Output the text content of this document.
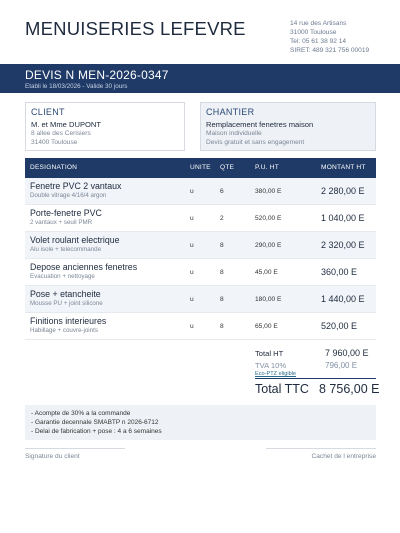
MENUISERIES LEFEVRE	14 rue des Artisans
31000 Toulouse
Tel: 05 61 38 92 14
SIRET: 489 321 756 00019
DEVIS N MEN-2026-0347
Etabli le 18/03/2026 - Valide 30 jours
CLIENT
M. et Mme DUPONT
8 allee des Cerisiers
31400 Toulouse
CHANTIER
Remplacement fenetres maison
Maison individuelle
Devis gratuit et sans engagement
DESIGNATION	UNITE QTE	P.U. HT	MONTANT HT
Fenetre PVC 2 vantaux
Double vitrage 4/16/4 argon
u	6	380,00 E	2 280,00 E
Porte-fenetre PVC
2 vantaux + seuil PMR
u	2	520,00 E	1 040,00 E
Volet roulant electrique
Alu isole + telecommande
u	8	290,00 E	2 320,00 E
Depose anciennes fenetres
Evacuation + nettoyage
u	8	45,00 E	360,00 E
Pose + etancheite
Mousse PU + joint silicone
u	8	180,00 E	1 440,00 E
Finitions interieures
Habillage + couvre-joints
u	8	65,00 E	520,00 E
Total HT	7 960,00 E
TVA 10%	796,00 E
Eco-PTZ eligible
Total TTC 8 756,00 E
- Acompte de 30% a la commande
- Garantie decennale SMABTP n 2026-6712
- Delai de fabrication + pose : 4 a 6 semaines
Signature du client	Cachet de l entreprise
